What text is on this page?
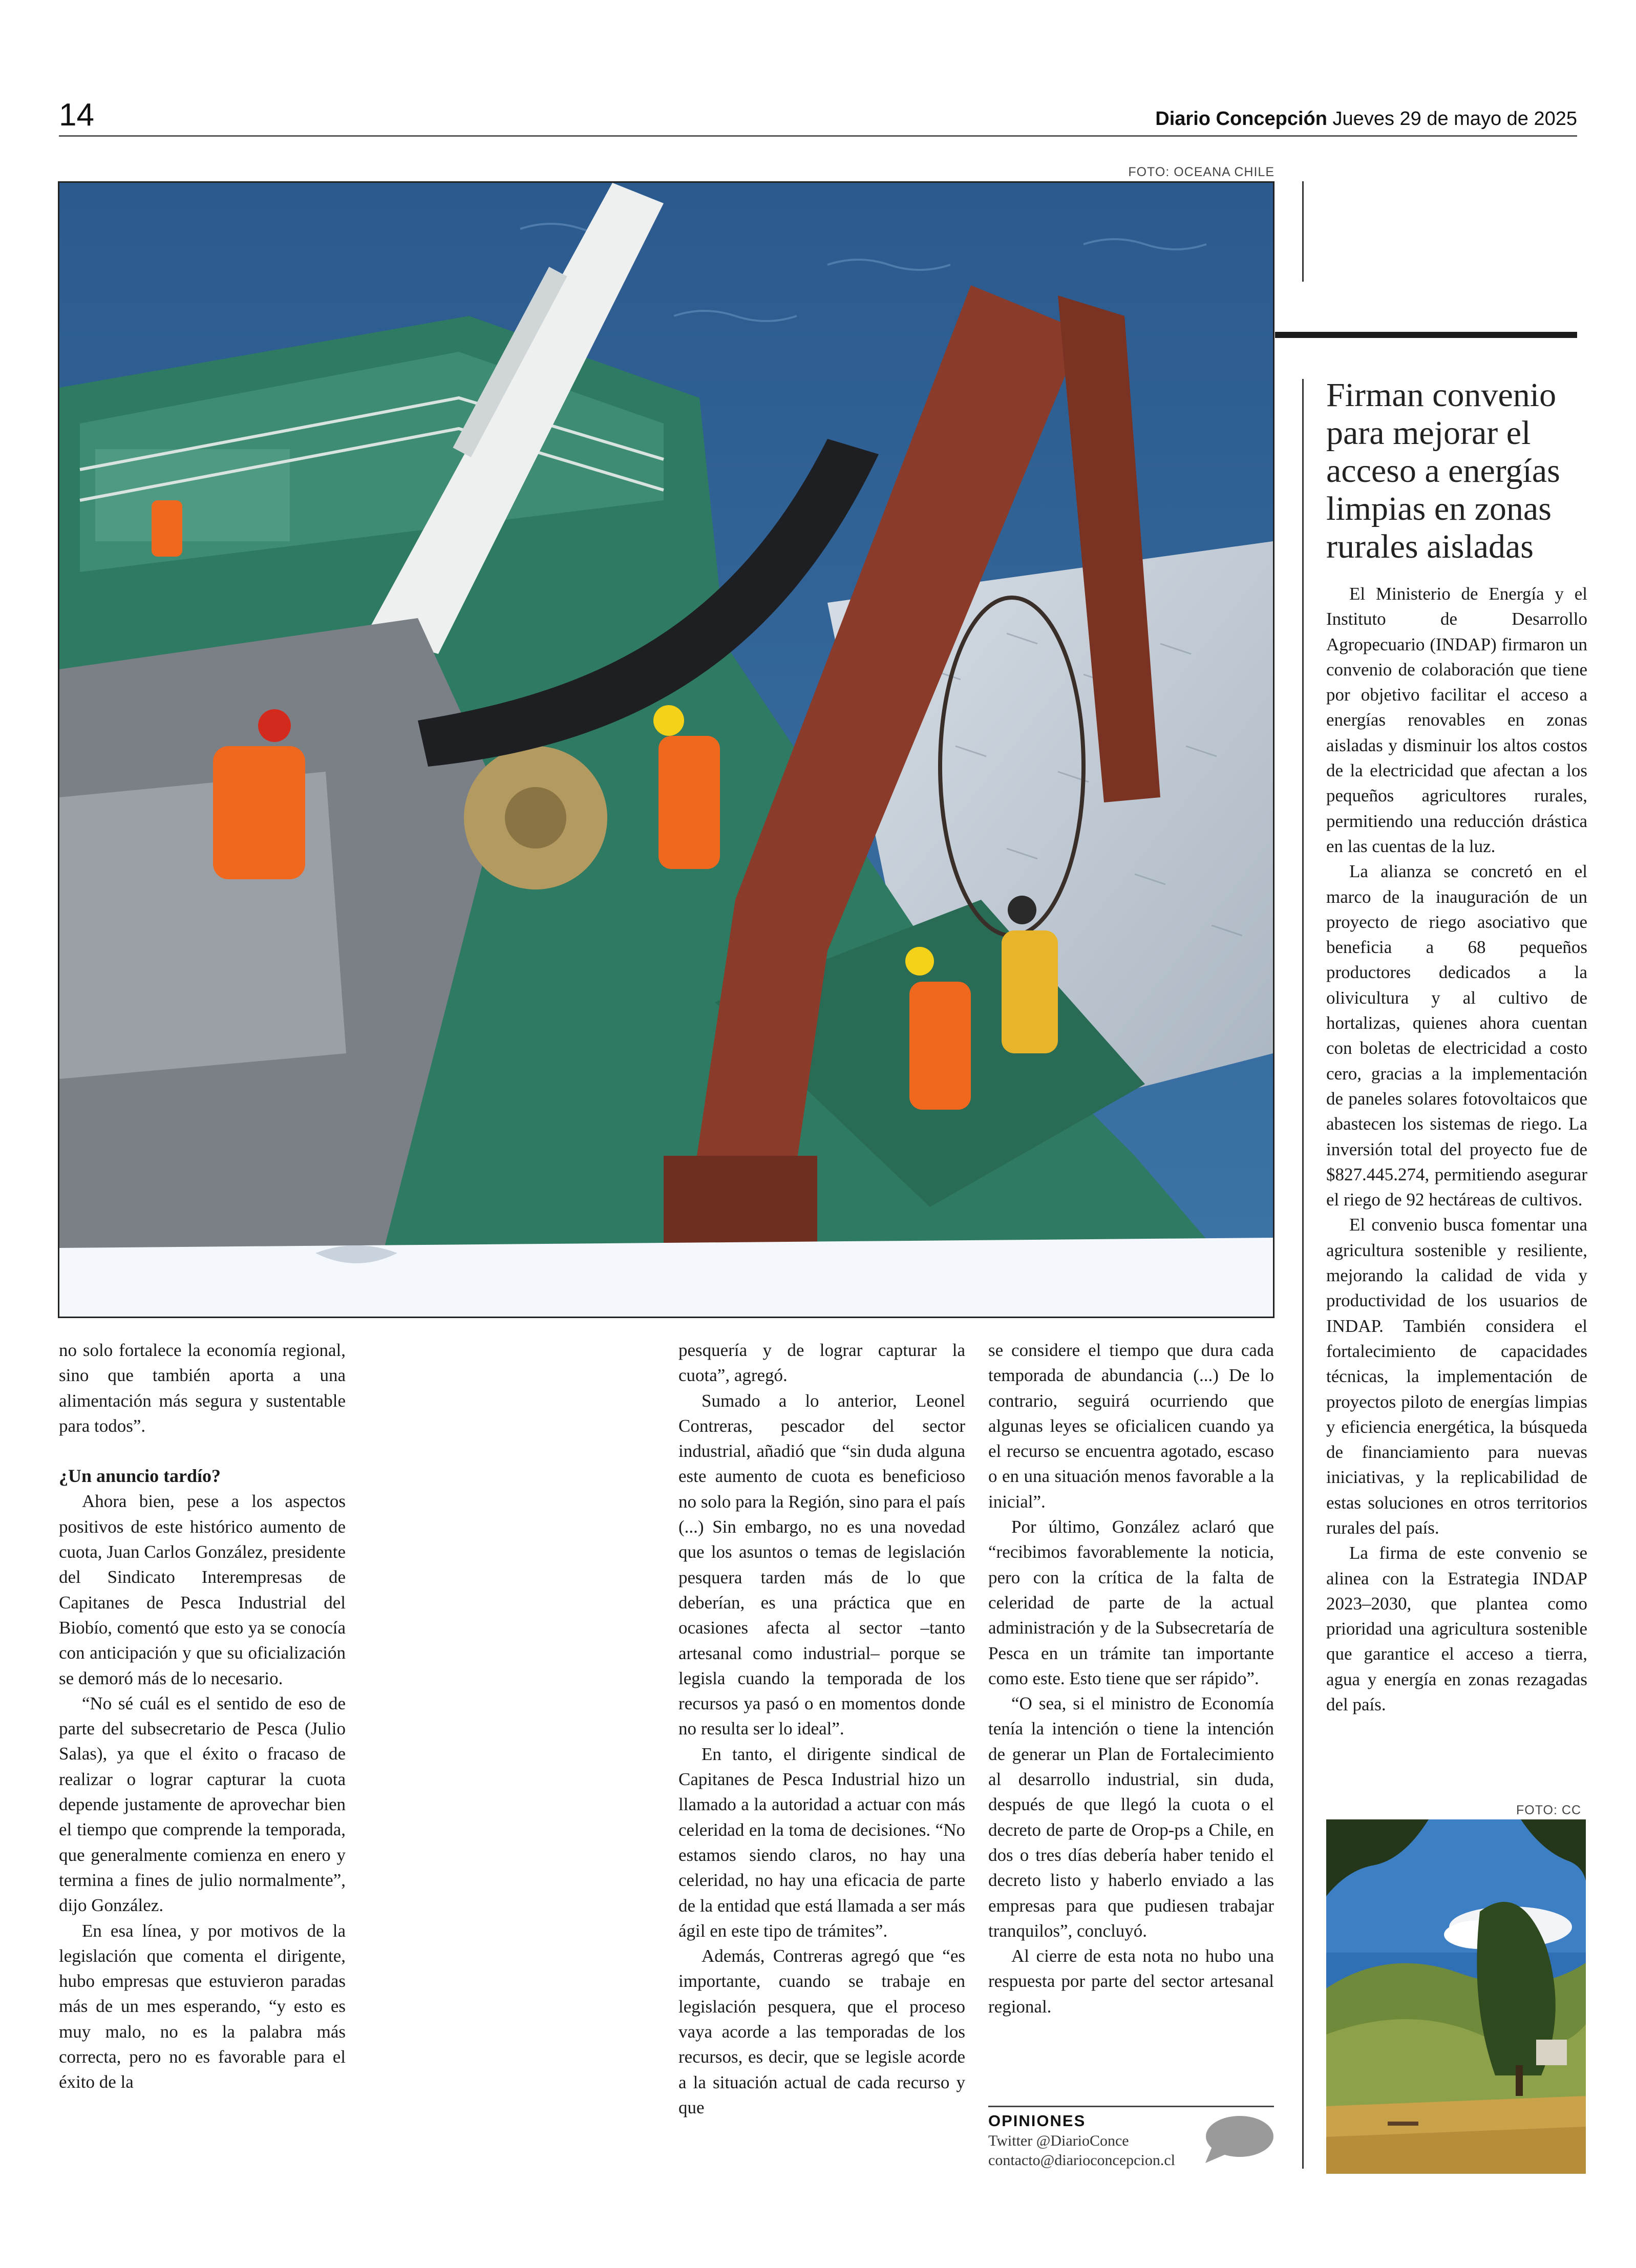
14	Diario Concepción Jueves 29 de mayo de 2025
FOTO: OCEANA CHILE
Firman convenio para mejorar el acceso a energías limpias en zonas rurales aisladas

El Ministerio de Energía y el Instituto de Desarrollo Agropecuario (INDAP) firmaron un convenio de colaboración que tiene por objetivo facilitar el acceso a energías renovables en zonas aisladas y disminuir los altos costos de la electricidad que afectan a los pequeños agricultores rurales, permitiendo una reducción drástica en las cuentas de la luz.

La alianza se concretó en el marco de la inauguración de un proyecto de riego asociativo que beneficia a 68 pequeños productores dedicados a la olivicultura y al cultivo de hortalizas, quienes ahora cuentan con boletas de electricidad a costo cero, gracias a la implementación de paneles solares fotovoltaicos que abastecen los sistemas de riego. La inversión total del proyecto fue de $827.445.274, permitiendo asegurar el riego de 92 hectáreas de cultivos.

El convenio busca fomentar una agricultura sostenible y resiliente, mejorando la calidad de vida y productividad de los usuarios de INDAP. También considera el fortalecimiento de capacidades técnicas, la implementación de proyectos piloto de energías limpias y eficiencia energética, la búsqueda de financiamiento para nuevas iniciativas, y la replicabilidad de estas soluciones en otros territorios rurales del país.

La firma de este convenio se alinea con la Estrategia INDAP 2023–2030, que plantea como prioridad una agricultura sostenible que garantice el acceso a tierra, agua y energía en zonas rezagadas del país.

FOTO: CC

no solo fortalece la economía regional, sino que también aporta a una alimentación más segura y sustentable para todos”.

¿Un anuncio tardío?

Ahora bien, pese a los aspectos positivos de este histórico aumento de cuota, Juan Carlos González, presidente del Sindicato Interempresas de Capitanes de Pesca Industrial del Biobío, comentó que esto ya se conocía con anticipación y que su oficialización se demoró más de lo necesario.

“No sé cuál es el sentido de eso de parte del subsecretario de Pesca (Julio Salas), ya que el éxito o fracaso de realizar o lograr capturar la cuota depende justamente de aprovechar bien el tiempo que comprende la temporada, que generalmente comienza en enero y termina a fines de julio normalmente”, dijo González.

En esa línea, y por motivos de la legislación que comenta el dirigente, hubo empresas que estuvieron paradas más de un mes esperando, “y esto es muy malo, no es la palabra más correcta, pero no es favorable para el éxito de la

pesquería y de lograr capturar la cuota”, agregó.

Sumado a lo anterior, Leonel Contreras, pescador del sector industrial, añadió que “sin duda alguna este aumento de cuota es beneficioso no solo para la Región, sino para el país (...) Sin embargo, no es una novedad que los asuntos o temas de legislación pesquera tarden más de lo que deberían, es una práctica que en ocasiones afecta al sector –tanto artesanal como industrial– porque se legisla cuando la temporada de los recursos ya pasó o en momentos donde no resulta ser lo ideal”.

En tanto, el dirigente sindical de Capitanes de Pesca Industrial hizo un llamado a la autoridad a actuar con más celeridad en la toma de decisiones. “No estamos siendo claros, no hay una celeridad, no hay una eficacia de parte de la entidad que está llamada a ser más ágil en este tipo de trámites”.

Además, Contreras agregó que “es importante, cuando se trabaje en legislación pesquera, que el proceso vaya acorde a las temporadas de los recursos, es decir, que se legisle acorde a la situación actual de cada recurso y que

se considere el tiempo que dura cada temporada de abundancia (...) De lo contrario, seguirá ocurriendo que algunas leyes se oficialicen cuando ya el recurso se encuentra agotado, escaso o en una situación menos favorable a la inicial”.

Por último, González aclaró que “recibimos favorablemente la noticia, pero con la crítica de la falta de celeridad de parte de la actual administración y de la Subsecretaría de Pesca en un trámite tan importante como este. Esto tiene que ser rápido”.

“O sea, si el ministro de Economía tenía la intención o tiene la intención de generar un Plan de Fortalecimiento al desarrollo industrial, sin duda, después de que llegó la cuota o el decreto de parte de Orop-ps a Chile, en dos o tres días debería haber tenido el decreto listo y haberlo enviado a las empresas para que pudiesen trabajar tranquilos”, concluyó.

Al cierre de esta nota no hubo una respuesta por parte del sector artesanal regional.

OPINIONES
Twitter @DiarioConce
contacto@diarioconcepcion.cl
